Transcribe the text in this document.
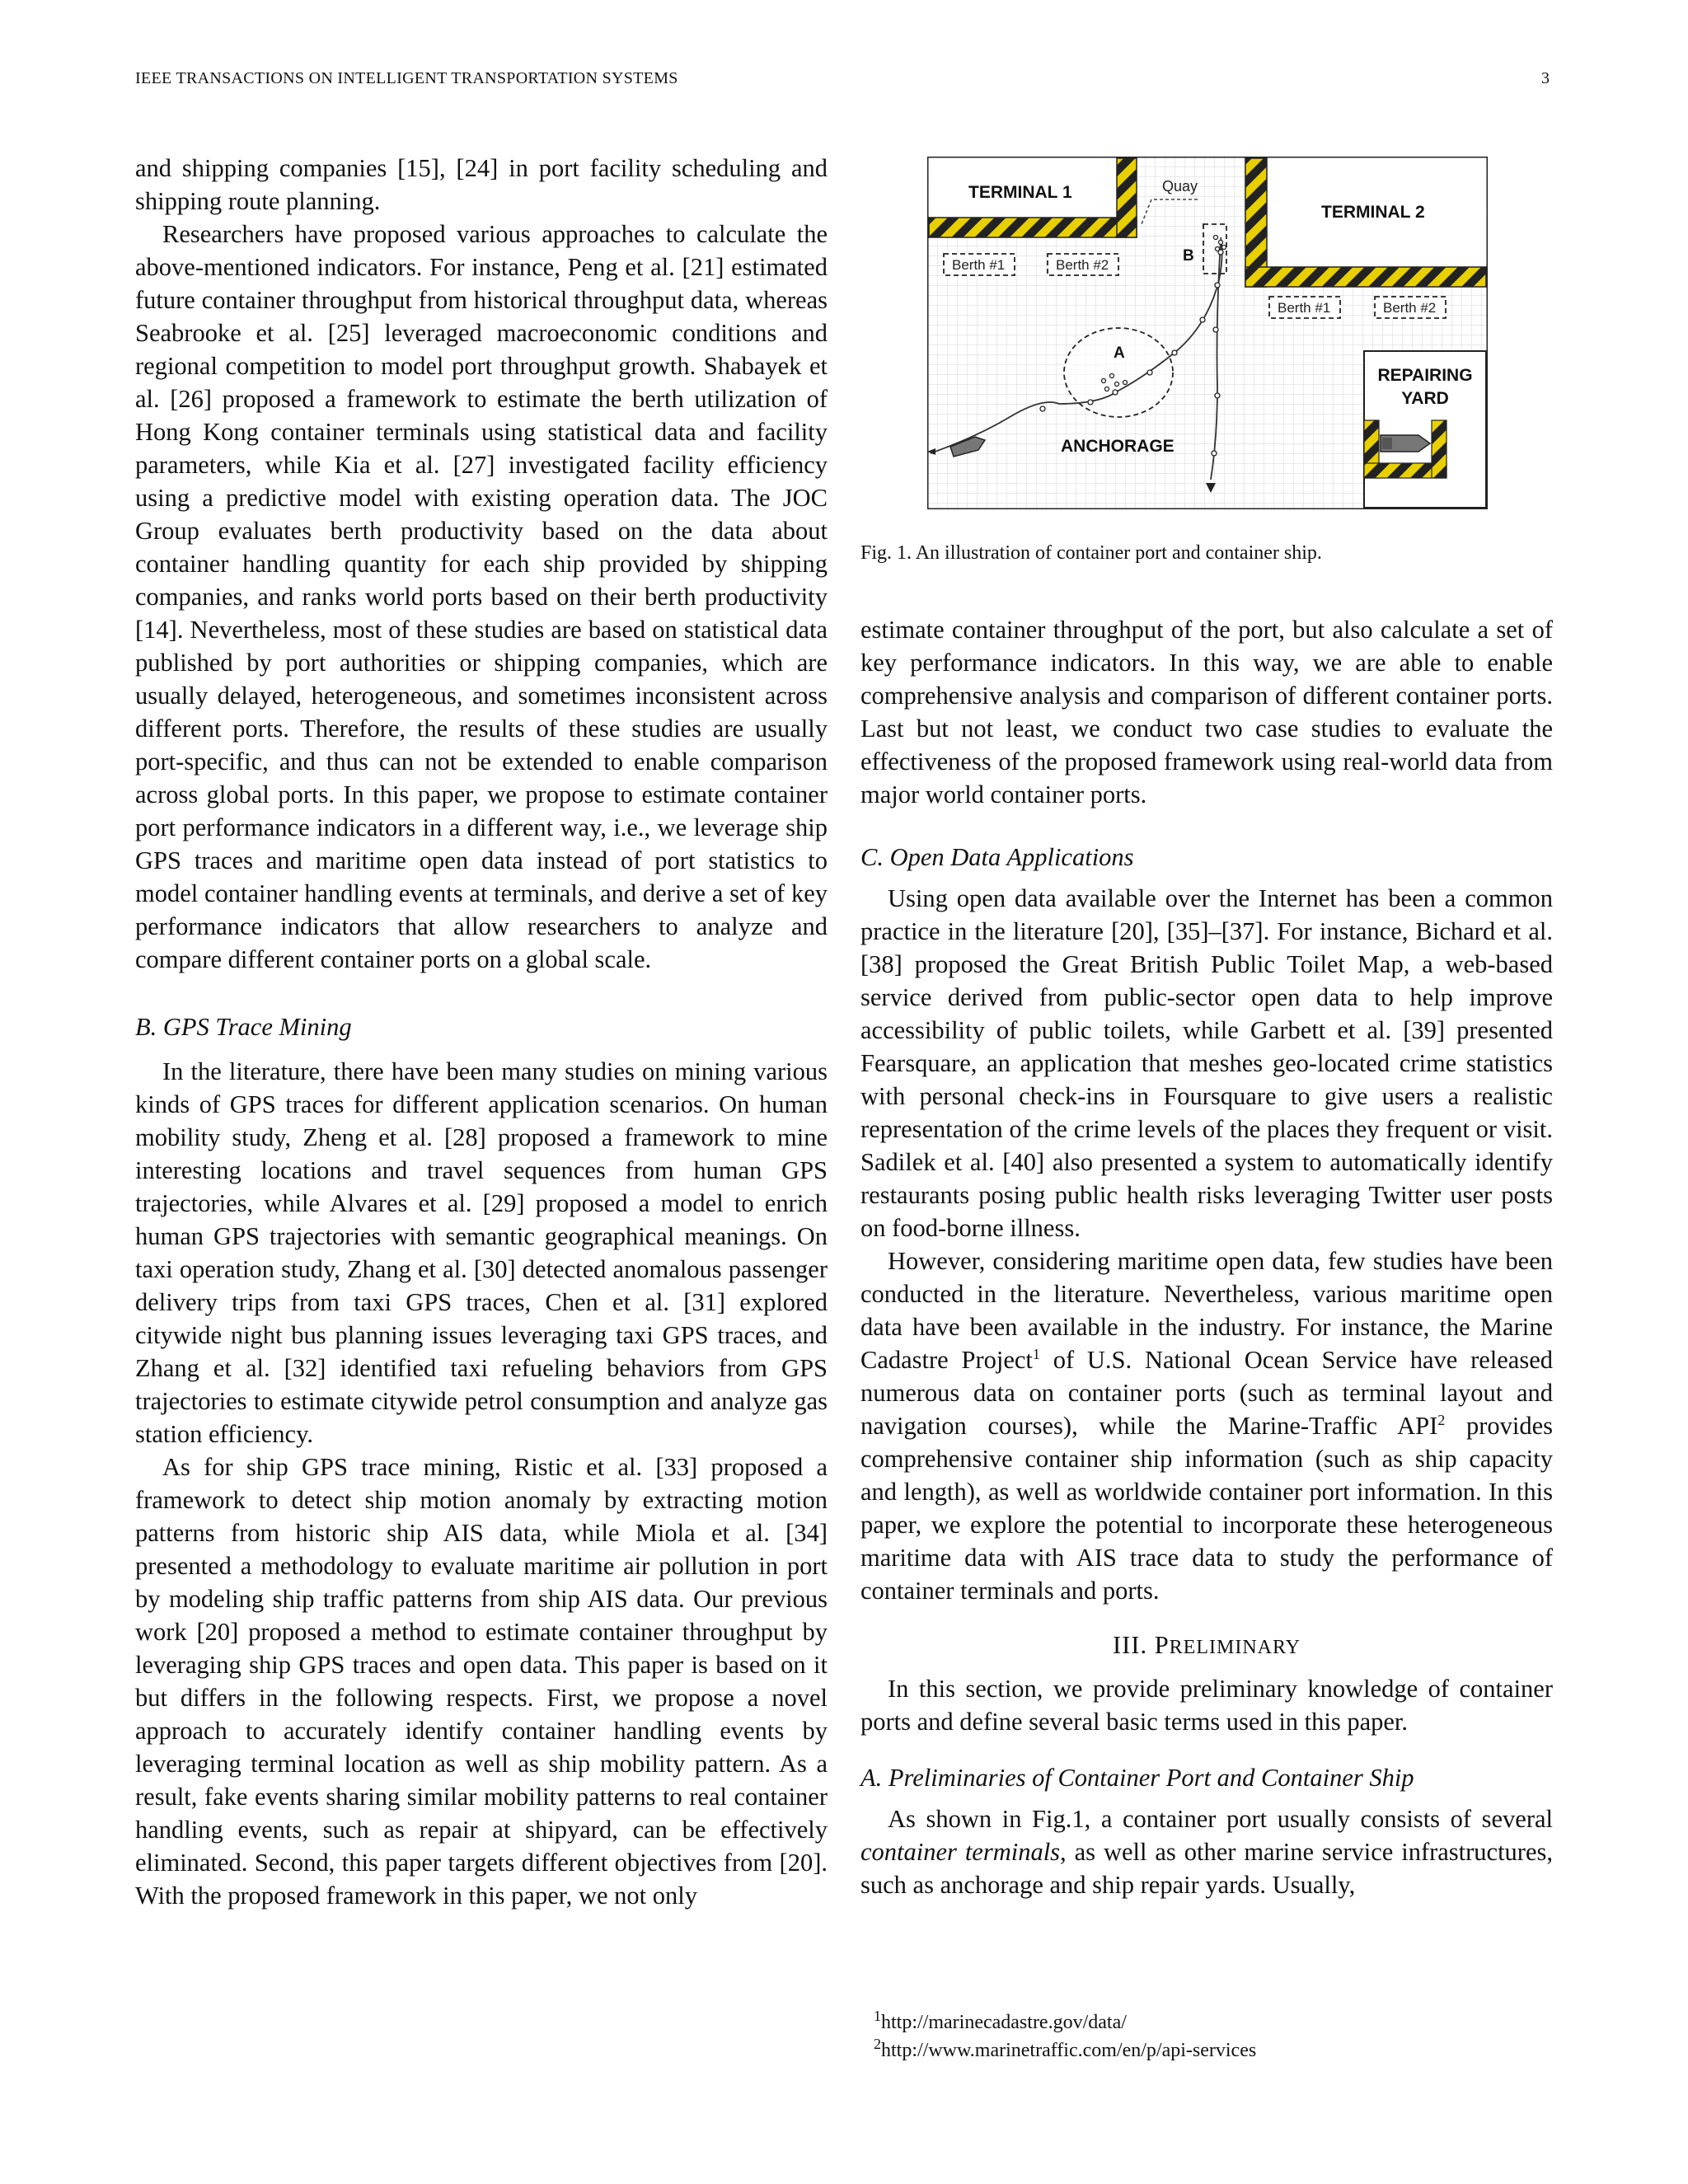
IEEE TRANSACTIONS ON INTELLIGENT TRANSPORTATION SYSTEMS	3

and shipping companies [15], [24] in port facility scheduling and shipping route planning.

Researchers have proposed various approaches to calculate the above-mentioned indicators. For instance, Peng et al. [21] estimated future container throughput from historical throughput data, whereas Seabrooke et al. [25] leveraged macroeconomic conditions and regional competition to model port throughput growth. Shabayek et al. [26] proposed a framework to estimate the berth utilization of Hong Kong container terminals using statistical data and facility parameters, while Kia et al. [27] investigated facility efficiency using a predictive model with existing operation data. The JOC Group evaluates berth productivity based on the data about container handling quantity for each ship provided by shipping companies, and ranks world ports based on their berth productivity [14]. Nevertheless, most of these studies are based on statistical data published by port authorities or shipping companies, which are usually delayed, heterogeneous, and sometimes inconsistent across different ports. Therefore, the results of these studies are usually port-specific, and thus can not be extended to enable comparison across global ports. In this paper, we propose to estimate container port performance indicators in a different way, i.e., we leverage ship GPS traces and maritime open data instead of port statistics to model container handling events at terminals, and derive a set of key performance indicators that allow researchers to analyze and compare different container ports on a global scale.

B. GPS Trace Mining

In the literature, there have been many studies on mining various kinds of GPS traces for different application scenarios. On human mobility study, Zheng et al. [28] proposed a framework to mine interesting locations and travel sequences from human GPS trajectories, while Alvares et al. [29] proposed a model to enrich human GPS trajectories with semantic geographical meanings. On taxi operation study, Zhang et al. [30] detected anomalous passenger delivery trips from taxi GPS traces, Chen et al. [31] explored citywide night bus planning issues leveraging taxi GPS traces, and Zhang et al. [32] identified taxi refueling behaviors from GPS trajectories to estimate citywide petrol consumption and analyze gas station efficiency.

As for ship GPS trace mining, Ristic et al. [33] proposed a framework to detect ship motion anomaly by extracting motion patterns from historic ship AIS data, while Miola et al. [34] presented a methodology to evaluate maritime air pollution in port by modeling ship traffic patterns from ship AIS data. Our previous work [20] proposed a method to estimate container throughput by leveraging ship GPS traces and open data. This paper is based on it but differs in the following respects. First, we propose a novel approach to accurately identify container handling events by leveraging terminal location as well as ship mobility pattern. As a result, fake events sharing similar mobility patterns to real container handling events, such as repair at shipyard, can be effectively eliminated. Second, this paper targets different objectives from [20]. With the proposed framework in this paper, we not only

TERMINAL 1	Quay
TERMINAL 2
Berth #1	Berth #2
Berth #1	Berth #2
B
A
ANCHORAGE
REPAIRING
YARD
Fig. 1. An illustration of container port and container ship.

estimate container throughput of the port, but also calculate a set of key performance indicators. In this way, we are able to enable comprehensive analysis and comparison of different container ports. Last but not least, we conduct two case studies to evaluate the effectiveness of the proposed framework using real-world data from major world container ports.

C. Open Data Applications

Using open data available over the Internet has been a common practice in the literature [20], [35]–[37]. For instance, Bichard et al. [38] proposed the Great British Public Toilet Map, a web-based service derived from public-sector open data to help improve accessibility of public toilets, while Garbett et al. [39] presented Fearsquare, an application that meshes geo-located crime statistics with personal check-ins in Foursquare to give users a realistic representation of the crime levels of the places they frequent or visit. Sadilek et al. [40] also presented a system to automatically identify restaurants posing public health risks leveraging Twitter user posts on food-borne illness.

However, considering maritime open data, few studies have been conducted in the literature. Nevertheless, various maritime open data have been available in the industry. For instance, the Marine Cadastre Project$^1$ of U.S. National Ocean Service have released numerous data on container ports (such as terminal layout and navigation courses), while the Marine-Traffic API$^2$ provides comprehensive container ship information (such as ship capacity and length), as well as worldwide container port information. In this paper, we explore the potential to incorporate these heterogeneous maritime data with AIS trace data to study the performance of container terminals and ports.

III. PRELIMINARY

In this section, we provide preliminary knowledge of container ports and define several basic terms used in this paper.

A. Preliminaries of Container Port and Container Ship

As shown in Fig.1, a container port usually consists of several container terminals, as well as other marine service infrastructures, such as anchorage and ship repair yards. Usually,

$^1$http://marinecadastre.gov/data/
$^2$http://www.marinetraffic.com/en/p/api-services
